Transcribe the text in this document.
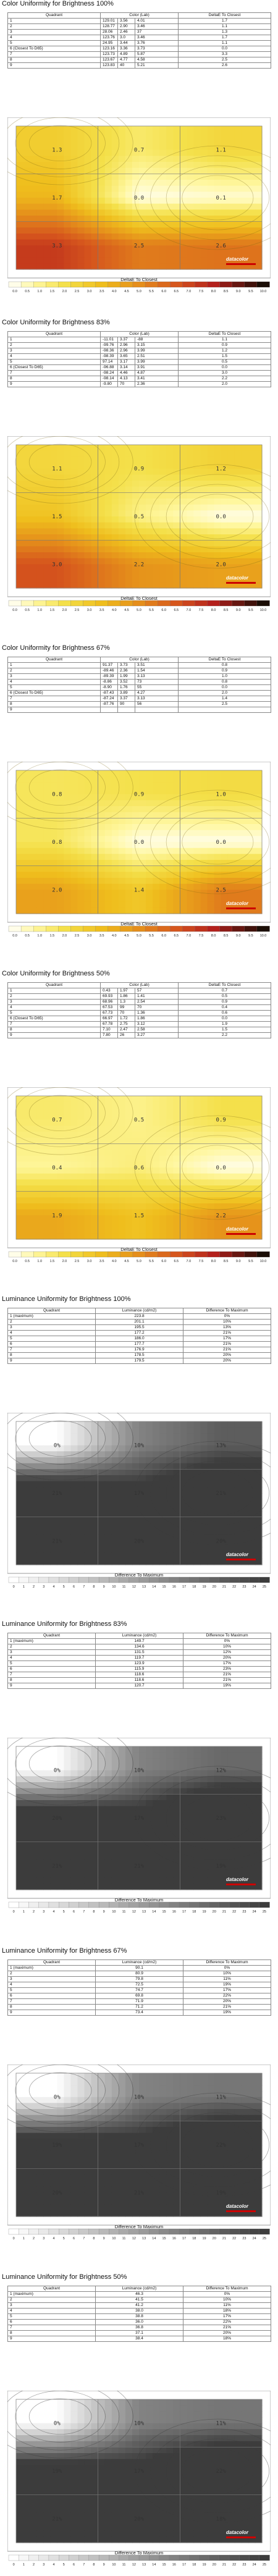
Color Uniformity for Brightness 100%
Quadrant	Color (Lab)			DeltaE To Closest
1	129.01	3.56	4.01	1.7
2	128.77	2.90	3.46	1.1
3	28.06	2.46	37	1.3
4	123.76	3.0	3.46	1.7
5	24.95	3.44	3.76	1.1
6 (Closest To D65)	123.16	3.36	3.73	0.0
7	123.73	4.89	5.87	3.3
8	123.67	4.77	4.58	2.5
9	123.83	40	5.21	2.6
1.3	0.7	1.1
1.7	0.0	0.1
3.3	2.5	2.6
datacolor
0.0 0.5 1.0 1.5 2.0 2.5 3.0 3.5 4.0 4.5 5.0 5.5 6.0 6.5 7.0 7.5 8.0 8.5 9.0 9.5 10.0
DeltaE To Closest
Color Uniformity for Brightness 83%
Quadrant	Color (Lab)			DeltaE To Closest
1	-11.01	3.37	-88	1.1
2	-99.76	2.96	3.15	0.9
3	-98.36	2.96	3.99	1.2
4	-98.39	3.65	2.51	1.5
5	97.14	3.17	3.99	0.5
6 (Closest To D65)	-96.88	3.14	3.91	0.0
7	-98.24	4.46	4.87	3.0
8	-98.14	4.13	3.41	2.2
9	-9.80	70	2.36	2.0
1.1	0.9	1.2
1.5	0.5	0.0
3.0	2.2	2.0
datacolor
0.0 0.5 1.0 1.5 2.0 2.5 3.0 3.5 4.0 4.5 5.0 5.5 6.0 6.5 7.0 7.5 8.0 8.5 9.0 9.5 10.0
DeltaE To Closest
Color Uniformity for Brightness 67%
Quadrant	Color (Lab)			DeltaE To Closest
1	91.37	3.73	3.51	0.8
2	-89.46	2.36	1.54	0.9
3	-89.39	1.99	3.13	1.0
4	-8.86	3.52	73	0.8
5	-8.90	1.76	55	0.0
6 (Closest To D65)	-87.43	3.89	4.27	2.0
7	-87.24	3.37	3.13	1.4
8	-87.76	90	56	2.5
9				
0.8	0.9	1.0
0.8	0.0	0.0
2.0	1.4	2.5
datacolor
0.0 0.5 1.0 1.5 2.0 2.5 3.0 3.5 4.0 4.5 5.0 5.5 6.0 6.5 7.0 7.5 8.0 8.5 9.0 9.5 10.0
DeltaE To Closest
Color Uniformity for Brightness 50%
Quadrant	Color (Lab)			DeltaE To Closest
1	0.43	1.97	57	0.7
2	69.93	1.86	1.41	0.5
3	68.96	1.3	2.54	0.9
4	67.53	99	70	0.4
5	67.73	70	1.36	0.6
6 (Closest To D65)	66.97	1.72	1.86	0.0
7	67.78	2.75	3.12	1.9
8	7.10	2.47	2.58	1.5
9	7.80	26	3.27	2.2
0.7	0.5	0.9
0.4	0.6	0.0
1.9	1.5	2.2
datacolor
0.0 0.5 1.0 1.5 2.0 2.5 3.0 3.5 4.0 4.5 5.0 5.5 6.0 6.5 7.0 7.5 8.0 8.5 9.0 9.5 10.0
DeltaE To Closest
Luminance Uniformity for Brightness 100%
Quadrant	Luminance (cd/m2)	Difference To Maximum
1 (maximum)	223.8	0%
2	201.1	10%
3	195.5	13%
4	177.2	21%
5	186.0	17%
6	177.7	21%
7	176.9	21%
8	178.5	20%
9	179.5	20%
0%	10%	13%
21%	17%	21%
21%	20%	20%
datacolor
0 1 2 3 4 5 6 7 8 9 10 11 12 13 14 15 16 17 18 19 20 21 22 23 24 25
Difference To Maximum
Luminance Uniformity for Brightness 83%
Quadrant	Luminance (cd/m2)	Difference To Maximum
1 (maximum)	149.7	0%
2	134.6	10%
3	131.5	12%
4	119.7	20%
5	123.9	17%
6	115.9	23%
7	118.6	21%
8	118.6	21%
9	120.7	19%
0%	10%	12%
20%	17%	23%
21%	21%	19%
datacolor
0 1 2 3 4 5 6 7 8 9 10 11 12 13 14 15 16 17 18 19 20 21 22 23 24 25
Difference To Maximum
Luminance Uniformity for Brightness 67%
Quadrant	Luminance (cd/m2)	Difference To Maximum
1 (maximum)	90.1	0%
2	80.9	10%
3	79.8	11%
4	72.5	19%
5	74.7	17%
6	69.8	22%
7	71.9	20%
8	71.2	21%
9	73.4	19%
0%	10%	11%
19%	17%	22%
20%	21%	19%
datacolor
0 1 2 3 4 5 6 7 8 9 10 11 12 13 14 15 16 17 18 19 20 21 22 23 24 25
Difference To Maximum
Luminance Uniformity for Brightness 50%
Quadrant	Luminance (cd/m2)	Difference To Maximum
1 (maximum)	46.3	0%
2	41.5	10%
3	41.2	11%
4	38.0	18%
5	38.8	17%
6	36.0	22%
7	36.8	21%
8	37.1	20%
9	38.4	18%
0%	10%	11%
19%	17%	22%
21%	20%	18%
datacolor
0 1 2 3 4 5 6 7 8 9 10 11 12 13 14 15 16 17 18 19 20 21 22 23 24 25
Difference To Maximum
